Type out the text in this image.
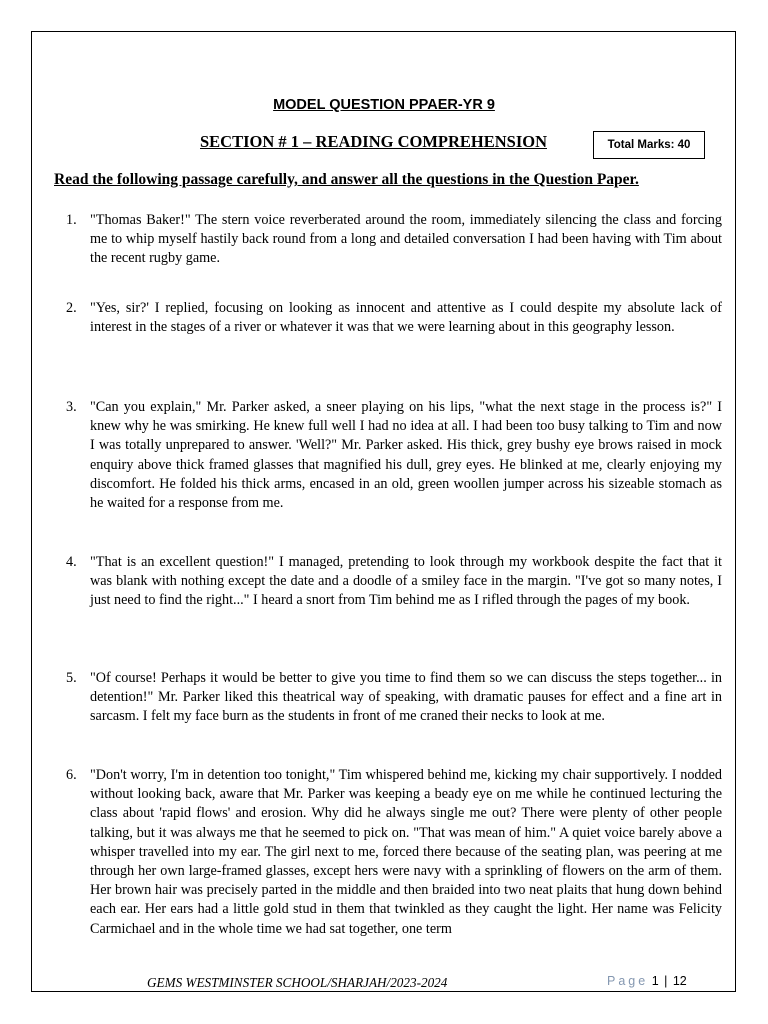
MODEL QUESTION PPAER-YR 9
SECTION # 1 – READING COMPREHENSION	Total Marks: 40
Read the following passage carefully, and answer all the questions in the Question Paper.
1. "Thomas Baker!" The stern voice reverberated around the room, immediately silencing the class and forcing me to whip myself hastily back round from a long and detailed conversation I had been having with Tim about the recent rugby game.
2. "Yes, sir?' I replied, focusing on looking as innocent and attentive as I could despite my absolute lack of interest in the stages of a river or whatever it was that we were learning about in this geography lesson.
3. "Can you explain," Mr. Parker asked, a sneer playing on his lips, "what the next stage in the process is?" I knew why he was smirking. He knew full well I had no idea at all. I had been too busy talking to Tim and now I was totally unprepared to answer. 'Well?" Mr. Parker asked. His thick, grey bushy eye brows raised in mock enquiry above thick framed glasses that magnified his dull, grey eyes. He blinked at me, clearly enjoying my discomfort. He folded his thick arms, encased in an old, green woollen jumper across his sizeable stomach as he waited for a response from me.
4. "That is an excellent question!" I managed, pretending to look through my workbook despite the fact that it was blank with nothing except the date and a doodle of a smiley face in the margin. "I've got so many notes, I just need to find the right..." I heard a snort from Tim behind me as I rifled through the pages of my book.
5. "Of course! Perhaps it would be better to give you time to find them so we can discuss the steps together... in detention!" Mr. Parker liked this theatrical way of speaking, with dramatic pauses for effect and a fine art in sarcasm. I felt my face burn as the students in front of me craned their necks to look at me.
6. "Don't worry, I'm in detention too tonight," Tim whispered behind me, kicking my chair supportively. I nodded without looking back, aware that Mr. Parker was keeping a beady eye on me while he continued lecturing the class about 'rapid flows' and erosion. Why did he always single me out? There were plenty of other people talking, but it was always me that he seemed to pick on. "That was mean of him." A quiet voice barely above a whisper travelled into my ear. The girl next to me, forced there because of the seating plan, was peering at me through her own large-framed glasses, except hers were navy with a sprinkling of flowers on the arm of them. Her brown hair was precisely parted in the middle and then braided into two neat plaits that hung down behind each ear. Her ears had a little gold stud in them that twinkled as they caught the light. Her name was Felicity Carmichael and in the whole time we had sat together, one term
GEMS WESTMINSTER SCHOOL/SHARJAH/2023-2024	Page 1 | 12
